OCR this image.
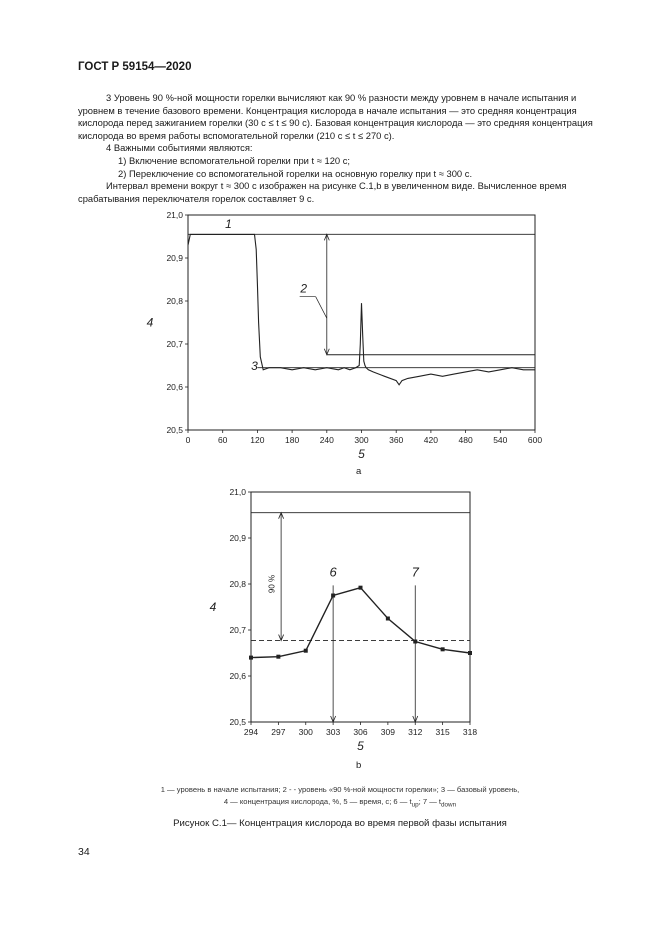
ГОСТ Р 59154—2020

3 Уровень 90 %-ной мощности горелки вычисляют как 90 % разности между уровнем в начале испытания и уровнем в течение базового времени. Концентрация кислорода в начале испытания — это средняя концентрация кислорода перед зажиганием горелки (30 с ≤ t ≤ 90 с). Базовая концентрация кислорода — это средняя концентрация кислорода во время работы вспомогательной горелки (210 с ≤ t ≤ 270 с).

4 Важными событиями являются:

1) Включение вспомогательной горелки при t ≈ 120 с;

2) Переключение со вспомогательной горелки на основную горелку при t ≈ 300 с.

Интервал времени вокруг t ≈ 300 с изображен на рисунке С.1,b в увеличенном виде. Вычисленное время срабатывания переключателя горелок составляет 9 с.

0	60	120 180 240 300 360 420 480 540 600
20,5
20,6
20,7
20,8
20,9
21,0
5
4
1
2
3
294 297 300 303 306 309 312 315 318
20,5
20,6
20,7
20,8
20,9
21,0
5
4
90 %
6	7
а
b
1 — уровень в начале испытания; 2 - - уровень «90 %-ной мощности горелки»; 3 — базовый уровень,
4 — концентрация кислорода, %, 5 — время, с; 6 — $t_{up}$; 7 — $t_{down}$
Рисунок С.1— Концентрация кислорода во время первой фазы испытания
34
